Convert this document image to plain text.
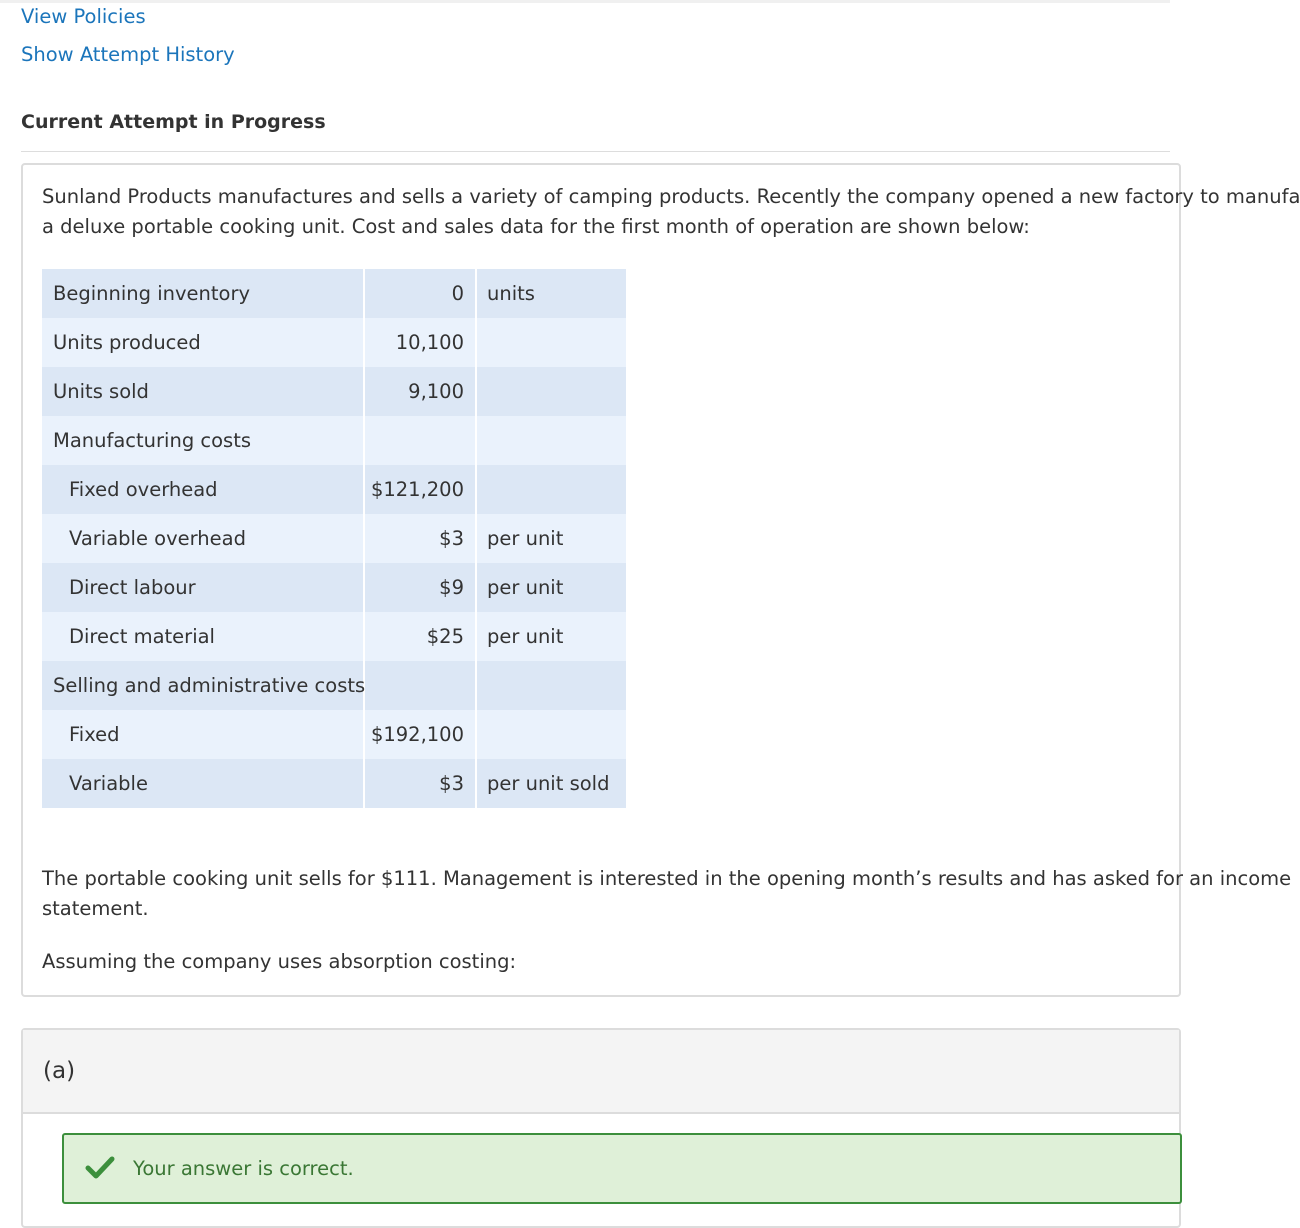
View Policies
Show Attempt History
Current Attempt in Progress
Sunland Products manufactures and sells a variety of camping products. Recently the company opened a new factory to manufa
a deluxe portable cooking unit. Cost and sales data for the first month of operation are shown below:
Beginning inventory	0	units
Units produced	10,100	
Units sold	9,100	
Manufacturing costs		
Fixed overhead	$121,200	
Variable overhead	$3	per unit
Direct labour	$9	per unit
Direct material	$25	per unit
Selling and administrative costs		
Fixed	$192,100	
Variable	$3	per unit sold
The portable cooking unit sells for $111. Management is interested in the opening month’s results and has asked for an income
statement.
Assuming the company uses absorption costing:
(a)
Your answer is correct.
